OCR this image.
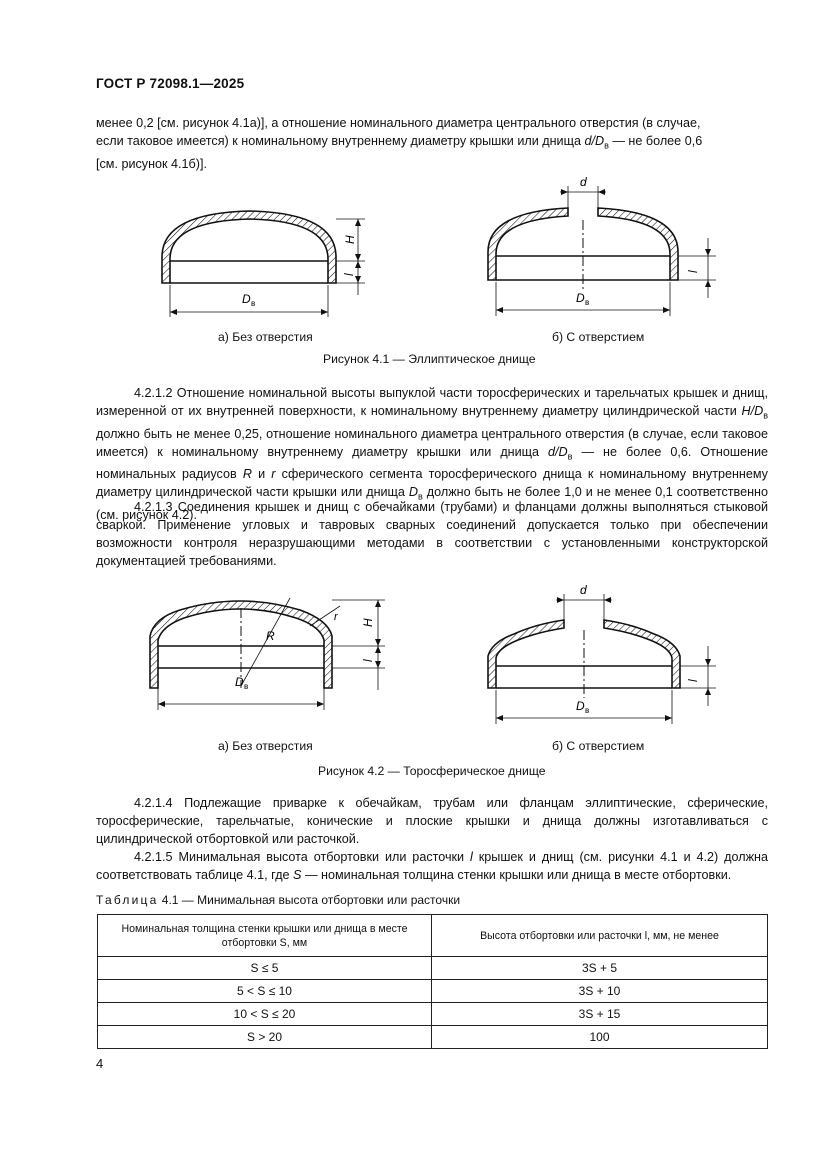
ГОСТ Р 72098.1—2025

менее 0,2 [см. рисунок 4.1а)], а отношение номинального диаметра центрального отверстия (в случае,

если таковое имеется) к номинальному внутреннему диаметру крышки или днища $d/D_в$ — не более 0,6

[см. рисунок 4.1б)].

H
l
D в
а) Без отверстия
d
l
D в
б) С отверстием
Рисунок 4.1 — Эллиптическое днище

4.2.1.2 Отношение номинальной высоты выпуклой части торосферических и тарельчатых крышек и днищ, измеренной от их внутренней поверхности, к номинальному внутреннему диаметру цилиндрической части $H/D_в$ должно быть не менее 0,25, отношение номинального диаметра центрального отверстия (в случае, если таковое имеется) к номинальному внутреннему диаметру крышки или днища $d/D_в$ — не более 0,6. Отношение номинальных радиусов R и r сферического сегмента торосферического днища к номинальному внутреннему диаметру цилиндрической части крышки или днища $D_в$ должно быть не более 1,0 и не менее 0,1 соответственно (см. рисунок 4.2).

4.2.1.3 Соединения крышек и днищ с обечайками (трубами) и фланцами должны выполняться стыковой сваркой. Применение угловых и тавровых сварных соединений допускается только при обеспечении возможности контроля неразрушающими методами в соответствии с установленными конструкторской документацией требованиями.

R
r H
l
D в
а) Без отверстия
d
l
D в
б) С отверстием
Рисунок 4.2 — Торосферическое днище

4.2.1.4 Подлежащие приварке к обечайкам, трубам или фланцам эллиптические, сферические, торосферические, тарельчатые, конические и плоские крышки и днища должны изготавливаться с цилиндрической отбортовкой или расточкой.

4.2.1.5 Минимальная высота отбортовки или расточки l крышек и днищ (см. рисунки 4.1 и 4.2) должна соответствовать таблице 4.1, где S — номинальная толщина стенки крышки или днища в месте отбортовки.

Таблица 4.1 — Минимальная высота отбортовки или расточки
Номинальная толщина стенки крышки или днища в месте отбортовки S, мм	Высота отбортовки или расточки l, мм, не менее
S ≤ 5	3S + 5
5 < S ≤ 10	3S + 10
10 < S ≤ 20	3S + 15
S > 20	100
4
